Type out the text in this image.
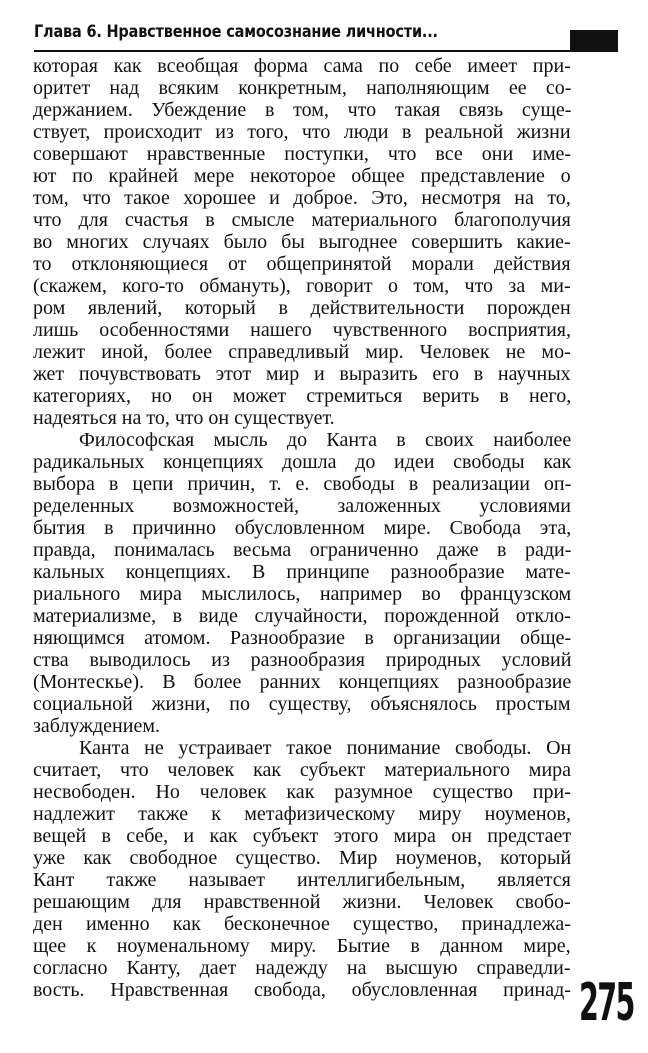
Глава 6. Нравственное самосознание личности...
которая как всеобщая форма сама по себе имеет при-
оритет над всяким конкретным, наполняющим ее со-
держанием. Убеждение в том, что такая связь суще-
ствует, происходит из того, что люди в реальной жизни
совершают нравственные поступки, что все они име-
ют по крайней мере некоторое общее представление о
том, что такое хорошее и доброе. Это, несмотря на то,
что для счастья в смысле материального благополучия
во многих случаях было бы выгоднее совершить какие-
то отклоняющиеся от общепринятой морали действия
(скажем, кого-то обмануть), говорит о том, что за ми-
ром явлений, который в действительности порожден
лишь особенностями нашего чувственного восприятия,
лежит иной, более справедливый мир. Человек не мо-
жет почувствовать этот мир и выразить его в научных
категориях, но он может стремиться верить в него,
надеяться на то, что он существует.
Философская мысль до Канта в своих наиболее
радикальных концепциях дошла до идеи свободы как
выбора в цепи причин, т. е. свободы в реализации оп-
ределенных возможностей, заложенных условиями
бытия в причинно обусловленном мире. Свобода эта,
правда, понималась весьма ограниченно даже в ради-
кальных концепциях. В принципе разнообразие мате-
риального мира мыслилось, например во французском
материализме, в виде случайности, порожденной откло-
няющимся атомом. Разнообразие в организации обще-
ства выводилось из разнообразия природных условий
(Монтескье). В более ранних концепциях разнообразие
социальной жизни, по существу, объяснялось простым
заблуждением.
Канта не устраивает такое понимание свободы. Он
считает, что человек как субъект материального мира
несвободен. Но человек как разумное существо при-
надлежит также к метафизическому миру ноуменов,
вещей в себе, и как субъект этого мира он предстает
уже как свободное существо. Мир ноуменов, который
Кант также называет интеллигибельным, является
решающим для нравственной жизни. Человек свобо-
ден именно как бесконечное существо, принадлежа-
щее к ноуменальному миру. Бытие в данном мире,
согласно Канту, дает надежду на высшую справедли-
вость. Нравственная свобода, обусловленная принад- 275
